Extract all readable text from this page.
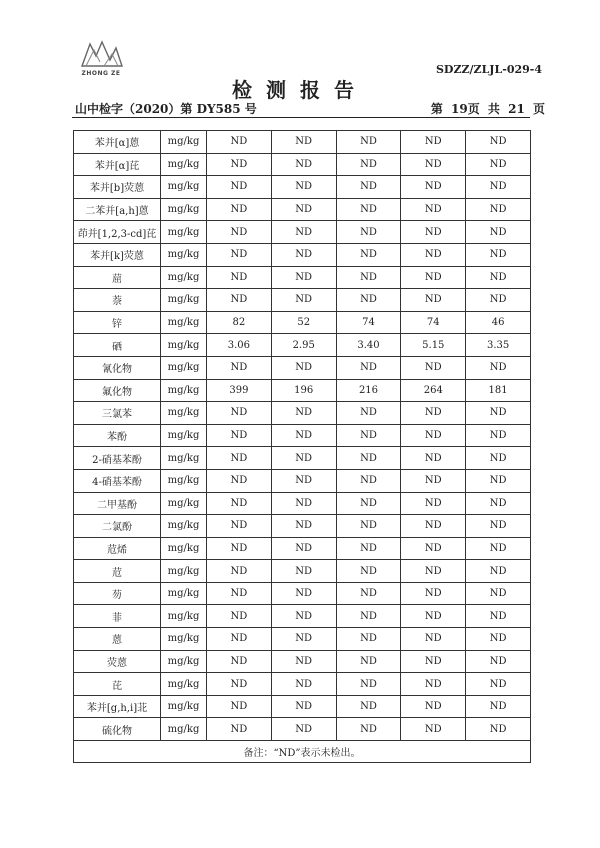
ZHONG ZE	SDZZ/ZLJL-029-4
检测报告
山中检字（2020）第 DY585 号	第 19页 共 21 页
苯并[α]蒽	mg/kg	ND	ND	ND	ND	ND
苯并[α]芘	mg/kg	ND	ND	ND	ND	ND
苯并[b]荧蒽	mg/kg	ND	ND	ND	ND	ND
二苯并[a,h]蒽	mg/kg	ND	ND	ND	ND	ND
茚并[1,2,3-cd]芘	mg/kg	ND	ND	ND	ND	ND
苯并[k]荧蒽	mg/kg	ND	ND	ND	ND	ND
䓛	mg/kg	ND	ND	ND	ND	ND
萘	mg/kg	ND	ND	ND	ND	ND
锌	mg/kg	82	52	74	74	46
硒	mg/kg	3.06	2.95	3.40	5.15	3.35
氰化物	mg/kg	ND	ND	ND	ND	ND
氟化物	mg/kg	399	196	216	264	181
三氯苯	mg/kg	ND	ND	ND	ND	ND
苯酚	mg/kg	ND	ND	ND	ND	ND
2-硝基苯酚	mg/kg	ND	ND	ND	ND	ND
4-硝基苯酚	mg/kg	ND	ND	ND	ND	ND
二甲基酚	mg/kg	ND	ND	ND	ND	ND
二氯酚	mg/kg	ND	ND	ND	ND	ND
苊烯	mg/kg	ND	ND	ND	ND	ND
苊	mg/kg	ND	ND	ND	ND	ND
芴	mg/kg	ND	ND	ND	ND	ND
菲	mg/kg	ND	ND	ND	ND	ND
蒽	mg/kg	ND	ND	ND	ND	ND
荧蒽	mg/kg	ND	ND	ND	ND	ND
芘	mg/kg	ND	ND	ND	ND	ND
苯并[g,h,i]苝	mg/kg	ND	ND	ND	ND	ND
硫化物	mg/kg	ND	ND	ND	ND	ND
备注：“ND”表示未检出。						
